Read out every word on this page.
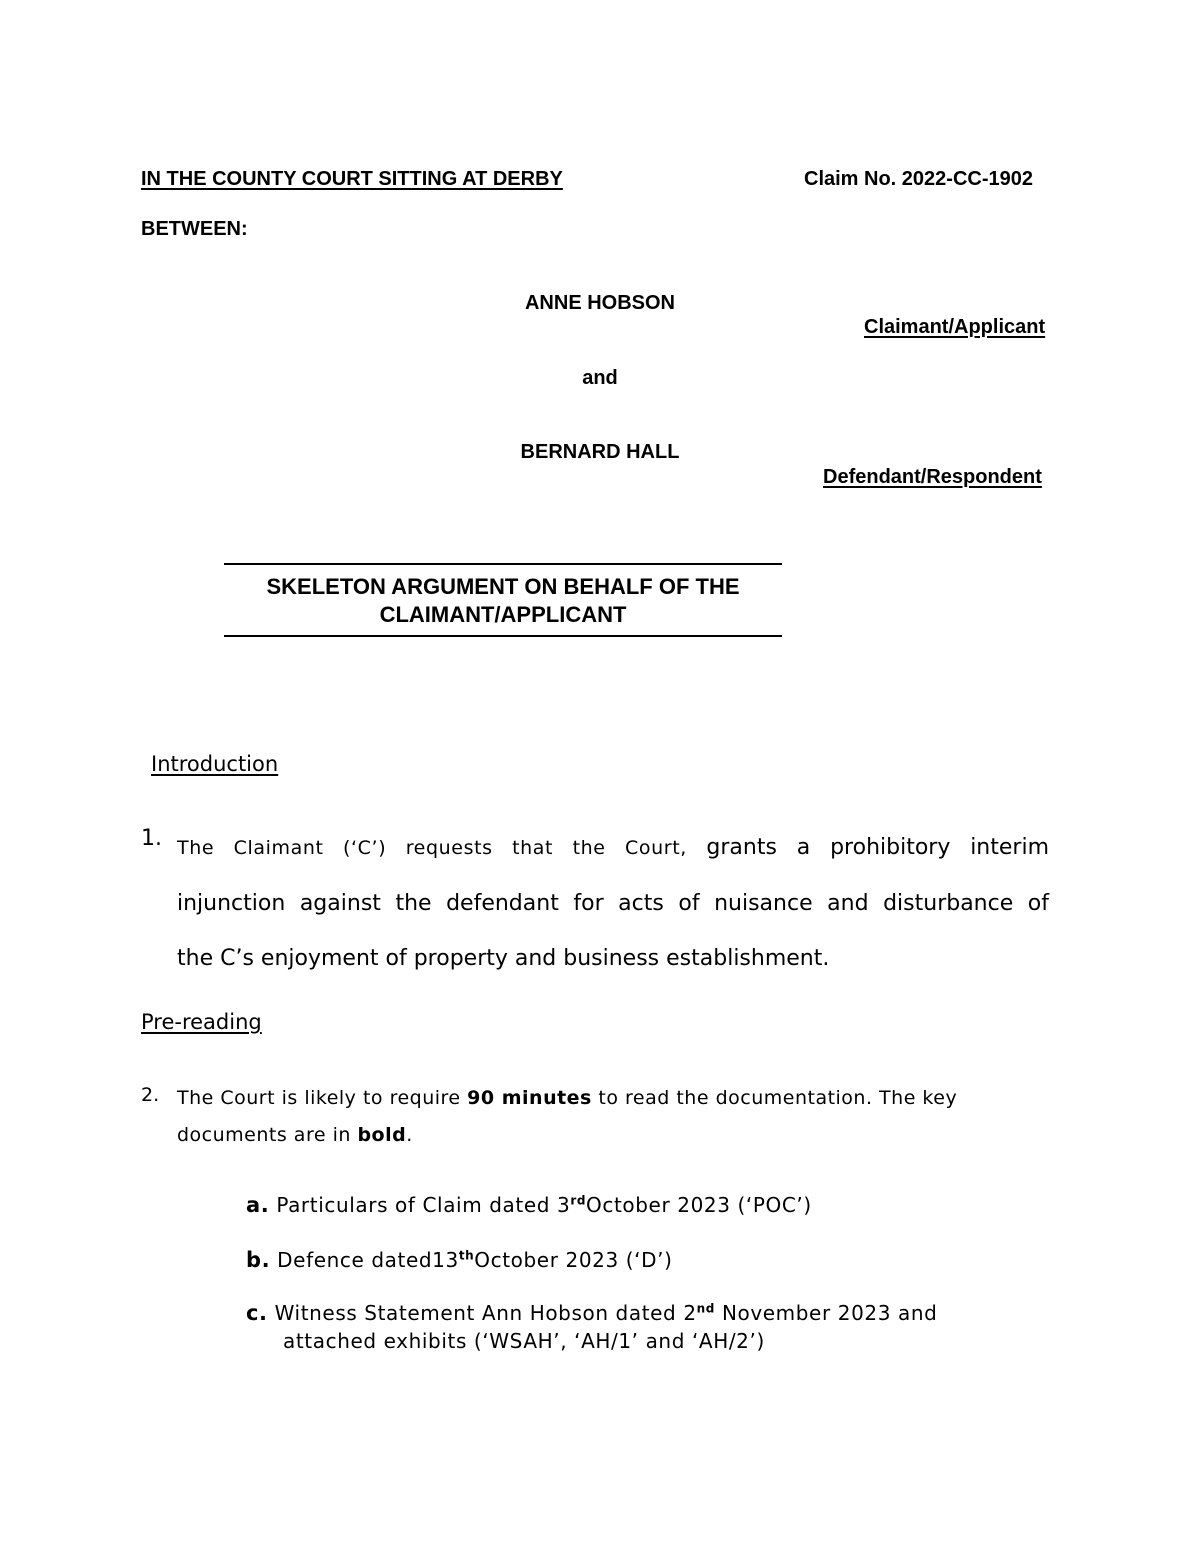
IN THE COUNTY COURT SITTING AT DERBY	Claim No. 2022-CC-1902
BETWEEN:
ANNE HOBSON
Claimant/Applicant
and
BERNARD HALL
Defendant/Respondent
SKELETON ARGUMENT ON BEHALF OF THE
CLAIMANT/APPLICANT
Introduction
1. The Claimant (‘C’) requests that the Court, grants a prohibitory interim
injunction against the defendant for acts of nuisance and disturbance of
the C’s enjoyment of property and business establishment.
Pre-reading
2. The Court is likely to require 90 minutes to read the documentation. The key documents are in bold.
a. Particulars of Claim dated 3rdOctober 2023 (‘POC’)
b. Defence dated13thOctober 2023 (‘D’)
c. Witness Statement Ann Hobson dated 2nd November 2023 and
attached exhibits (‘WSAH’, ‘AH/1’ and ‘AH/2’)
